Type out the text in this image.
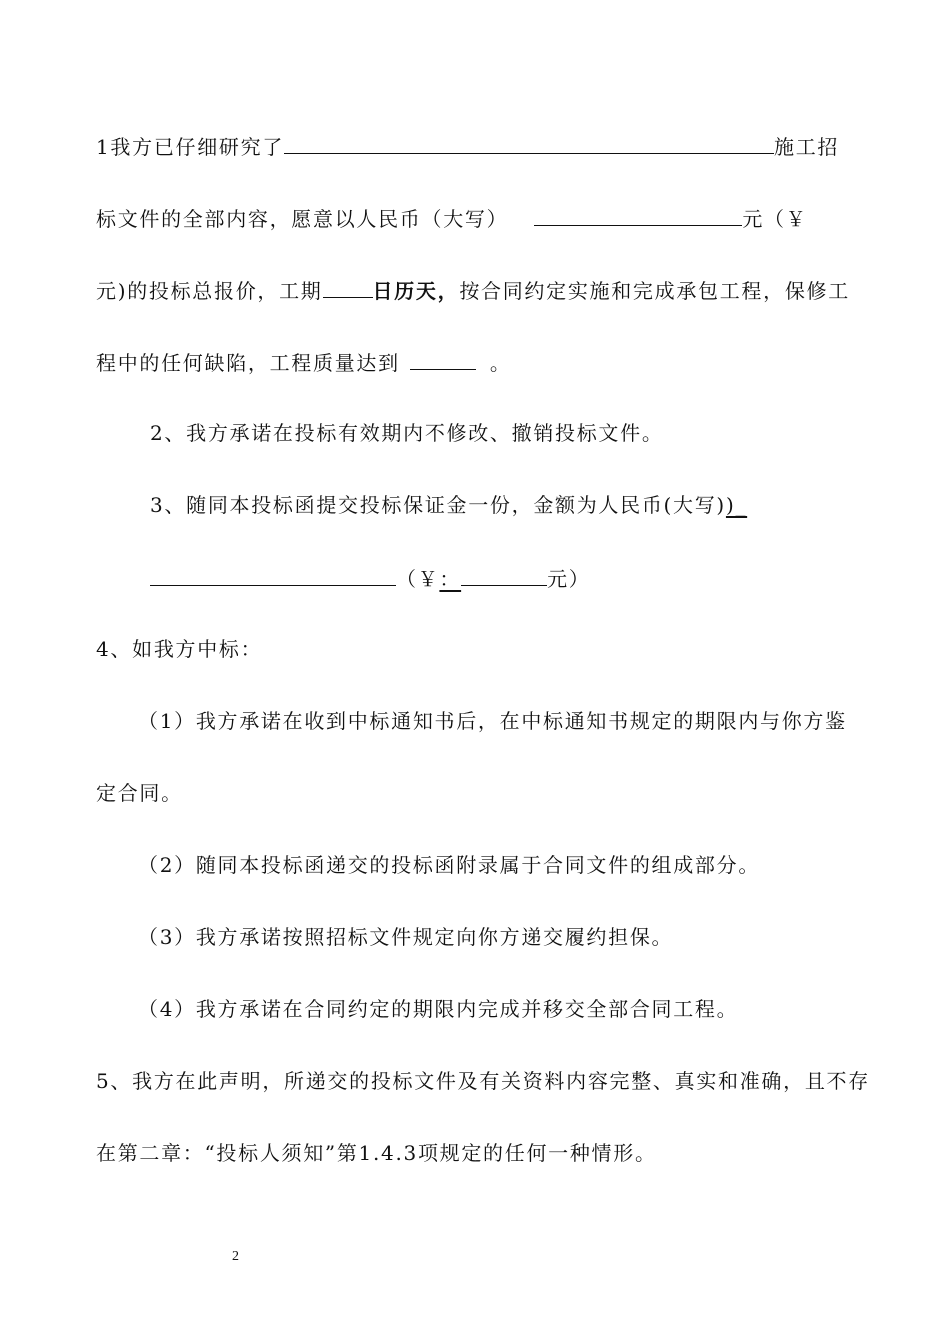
1我方已仔细研究了	施工招
标文件的全部内容，愿意以人民币（大写）	元（￥
元)的投标总报价，工期	日历天，按合同约定实施和完成承包工程，保修工
程中的任何缺陷，工程质量达到	。
2、我方承诺在投标有效期内不修改、撤销投标文件。
3、随同本投标函提交投标保证金一份，金额为人民币(大写))_
（￥：	元）
4、如我方中标：
（1）我方承诺在收到中标通知书后，在中标通知书规定的期限内与你方鉴
定合同。
（2）随同本投标函递交的投标函附录属于合同文件的组成部分。
（3）我方承诺按照招标文件规定向你方递交履约担保。
（4）我方承诺在合同约定的期限内完成并移交全部合同工程。
5、我方在此声明，所递交的投标文件及有关资料内容完整、真实和准确，且不存
在第二章：“投标人须知”第1.4.3项规定的任何一种情形。
2
